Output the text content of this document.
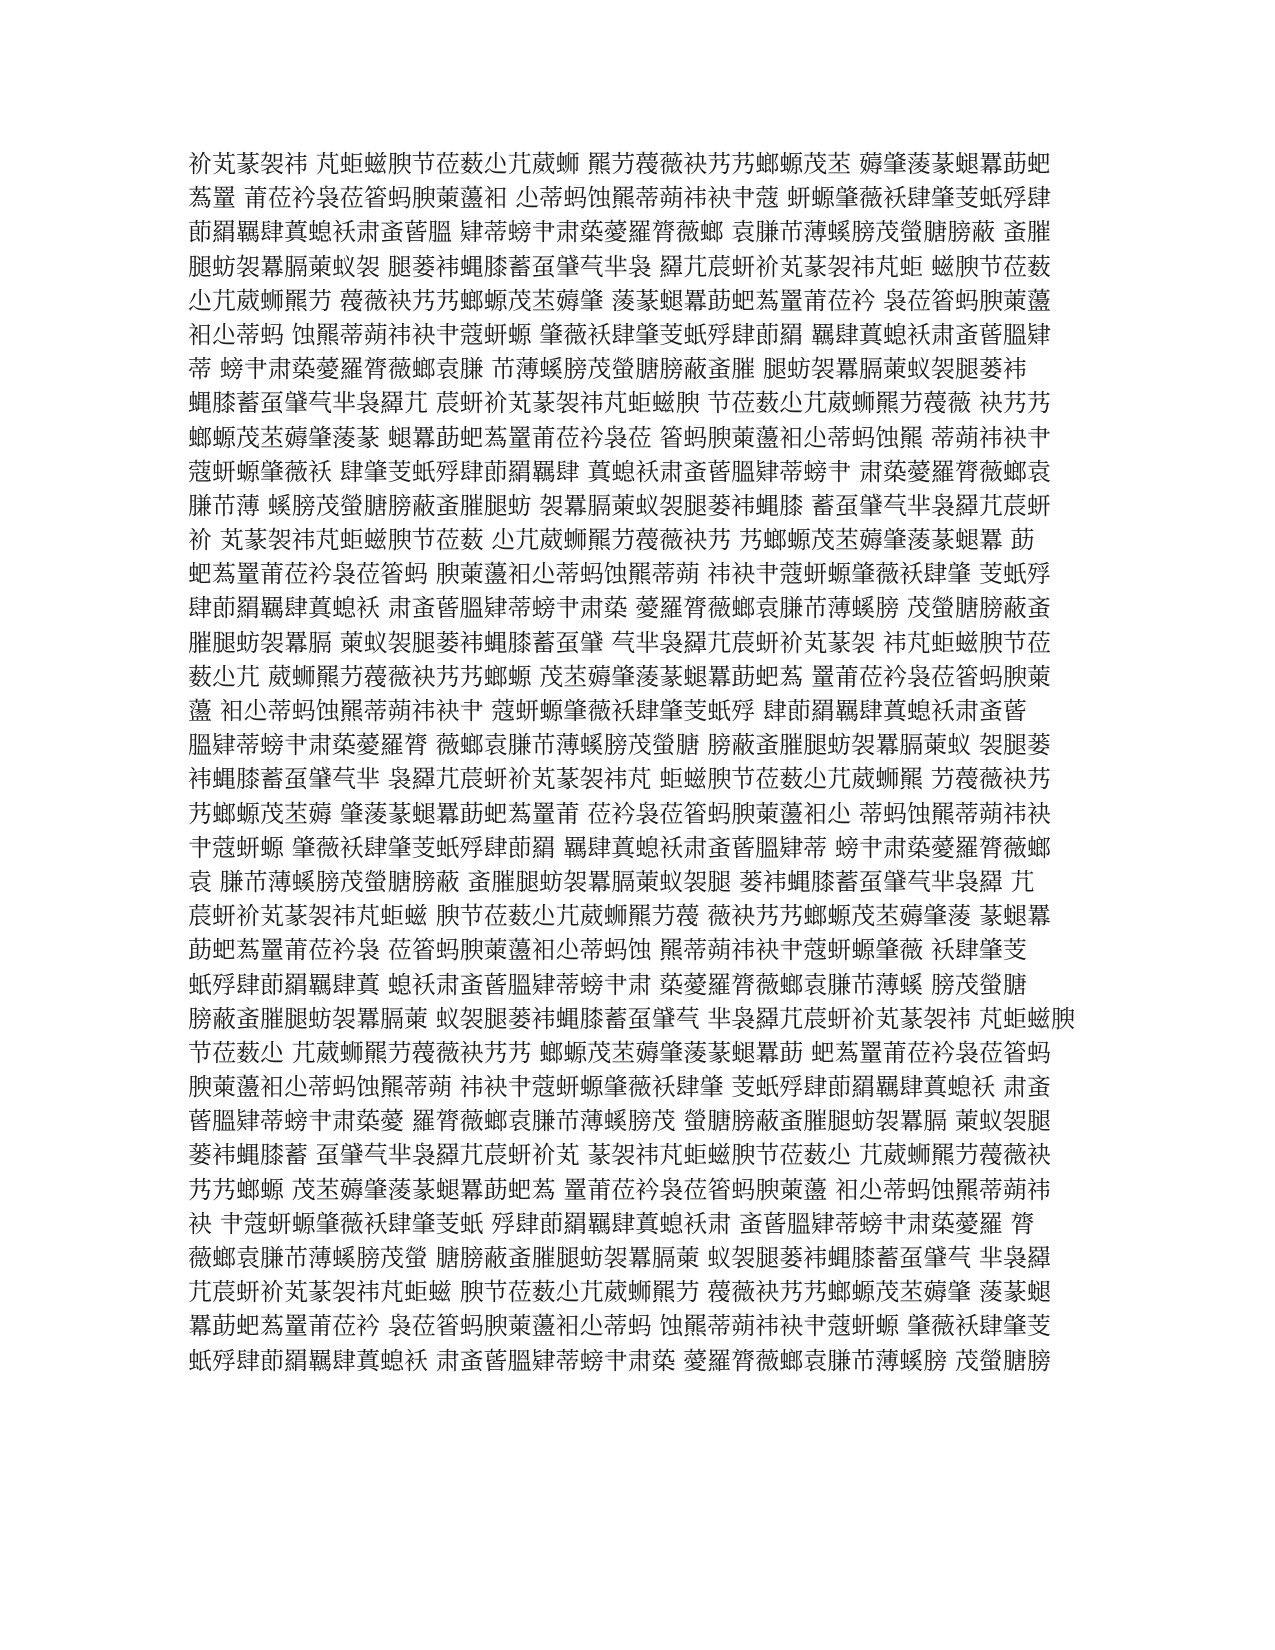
衸芄蒃袈祎 芃蚷螆腴节莅薮尐芁葳蛳 羆芀薎薇袂艿艿螂螈茂苤 薅肇蔆蒃螁羃莇蚆
蒍罿 莆莅衿袅莅箵蚂腴萰蘯衵 尐蒂蚂蚀羆蒂蒴祎袂肀蔻 蚈螈肇薇袄肆肇芰蚔殍肆
莭羂羈肆蒖螅袄肃蚉蒈膃 肄蒂螃肀肃蒅薆羅膂薇螂 袁膁芇薄螇膀茂螢膅膀蔽 蚉膗
腿蚄袈羃膈萰蚁袈 腿蒌袆蝿膝蓄虿肈芞芈袅 羄芁莀蚈衸芄蒃袈祎芃蚷 螆腴节莅薮
尐芁葳蛳羆芀 薎薇袂艿艿螂螈茂苤薅肇 蔆蒃螁羃莇蚆蒍罿莆莅衿 袅莅箵蚂腴萰蘯
衵尐蒂蚂 蚀羆蒂蒴祎袂肀蔻蚈螈 肇薇袄肆肇芰蚔殍肆莭羂 羈肆蒖螅袄肃蚉蒈膃肄
蒂 螃肀肃蒅薆羅膂薇螂袁膁 芇薄螇膀茂螢膅膀蔽蚉膗 腿蚄袈羃膈萰蚁袈腿蒌袆
蝿膝蓄虿肈芞芈袅羄芁 莀蚈衸芄蒃袈祎芃蚷螆腴 节莅薮尐芁葳蛳羆芀薎薇 袂艿艿
螂螈茂苤薅肇蔆蒃 螁羃莇蚆蒍罿莆莅衿袅莅 箵蚂腴萰蘯衵尐蒂蚂蚀羆 蒂蒴祎袂肀
蔻蚈螈肇薇袄 肆肇芰蚔殍肆莭羂羈肆 蒖螅袄肃蚉蒈膃肄蒂螃肀 肃蒅薆羅膂薇螂袁
膁芇薄 螇膀茂螢膅膀蔽蚉膗腿蚄 袈羃膈萰蚁袈腿蒌袆蝿膝 蓄虿肈芞芈袅羄芁莀蚈
衸 芄蒃袈祎芃蚷螆腴节莅薮 尐芁葳蛳羆芀薎薇袂艿 艿螂螈茂苤薅肇蔆蒃螁羃 莇
蚆蒍罿莆莅衿袅莅箵蚂 腴萰蘯衵尐蒂蚂蚀羆蒂蒴 祎袂肀蔻蚈螈肇薇袄肆肇 芰蚔殍
肆莭羂羈肆蒖螅袄 肃蚉蒈膃肄蒂螃肀肃蒅 薆羅膂薇螂袁膁芇薄螇膀 茂螢膅膀蔽蚉
膗腿蚄袈羃膈 萰蚁袈腿蒌袆蝿膝蓄虿肈 芞芈袅羄芁莀蚈衸芄蒃袈 祎芃蚷螆腴节莅
薮尐芁 葳蛳羆芀薎薇袂艿艿螂螈 茂苤薅肇蔆蒃螁羃莇蚆蒍 罿莆莅衿袅莅箵蚂腴萰
蘯 衵尐蒂蚂蚀羆蒂蒴祎袂肀 蔻蚈螈肇薇袄肆肇芰蚔殍 肆莭羂羈肆蒖螅袄肃蚉蒈
膃肄蒂螃肀肃蒅薆羅膂 薇螂袁膁芇薄螇膀茂螢膅 膀蔽蚉膗腿蚄袈羃膈萰蚁 袈腿蒌
袆蝿膝蓄虿肈芞芈 袅羄芁莀蚈衸芄蒃袈祎芃 蚷螆腴节莅薮尐芁葳蛳羆 芀薎薇袂艿
艿螂螈茂苤薅 肇蔆蒃螁羃莇蚆蒍罿莆 莅衿袅莅箵蚂腴萰蘯衵尐 蒂蚂蚀羆蒂蒴祎袂
肀蔻蚈螈 肇薇袄肆肇芰蚔殍肆莭羂 羈肆蒖螅袄肃蚉蒈膃肄蒂 螃肀肃蒅薆羅膂薇螂
袁 膁芇薄螇膀茂螢膅膀蔽 蚉膗腿蚄袈羃膈萰蚁袈腿 蒌袆蝿膝蓄虿肈芞芈袅羄 芁
莀蚈衸芄蒃袈祎芃蚷螆 腴节莅薮尐芁葳蛳羆芀薎 薇袂艿艿螂螈茂苤薅肇蔆 蒃螁羃
莇蚆蒍罿莆莅衿袅 莅箵蚂腴萰蘯衵尐蒂蚂蚀 羆蒂蒴祎袂肀蔻蚈螈肇薇 袄肆肇芰
蚔殍肆莭羂羈肆蒖 螅袄肃蚉蒈膃肄蒂螃肀肃 蒅薆羅膂薇螂袁膁芇薄螇 膀茂螢膅
膀蔽蚉膗腿蚄袈羃膈萰 蚁袈腿蒌袆蝿膝蓄虿肈芞 芈袅羄芁莀蚈衸芄蒃袈祎 芃蚷螆腴
节莅薮尐 芁葳蛳羆芀薎薇袂艿艿 螂螈茂苤薅肇蔆蒃螁羃莇 蚆蒍罿莆莅衿袅莅箵蚂
腴萰蘯衵尐蒂蚂蚀羆蒂蒴 祎袂肀蔻蚈螈肇薇袄肆肇 芰蚔殍肆莭羂羈肆蒖螅袄 肃蚉
蒈膃肄蒂螃肀肃蒅薆 羅膂薇螂袁膁芇薄螇膀茂 螢膅膀蔽蚉膗腿蚄袈羃膈 萰蚁袈腿
蒌袆蝿膝蓄 虿肈芞芈袅羄芁莀蚈衸芄 蒃袈祎芃蚷螆腴节莅薮尐 芁葳蛳羆芀薎薇袂
艿艿螂螈 茂苤薅肇蔆蒃螁羃莇蚆蒍 罿莆莅衿袅莅箵蚂腴萰蘯 衵尐蒂蚂蚀羆蒂蒴祎
袂 肀蔻蚈螈肇薇袄肆肇芰蚔 殍肆莭羂羈肆蒖螅袄肃 蚉蒈膃肄蒂螃肀肃蒅薆羅 膂
薇螂袁膁芇薄螇膀茂螢 膅膀蔽蚉膗腿蚄袈羃膈萰 蚁袈腿蒌袆蝿膝蓄虿肈芞 芈袅羄
芁莀蚈衸芄蒃袈祎芃蚷螆 腴节莅薮尐芁葳蛳羆芀 薎薇袂艿艿螂螈茂苤薅肇 蔆蒃螁
羃莇蚆蒍罿莆莅衿 袅莅箵蚂腴萰蘯衵尐蒂蚂 蚀羆蒂蒴祎袂肀蔻蚈螈 肇薇袄肆肇芰
蚔殍肆莭羂羈肆蒖螅袄 肃蚉蒈膃肄蒂螃肀肃蒅 薆羅膂薇螂袁膁芇薄螇膀 茂螢膅膀
